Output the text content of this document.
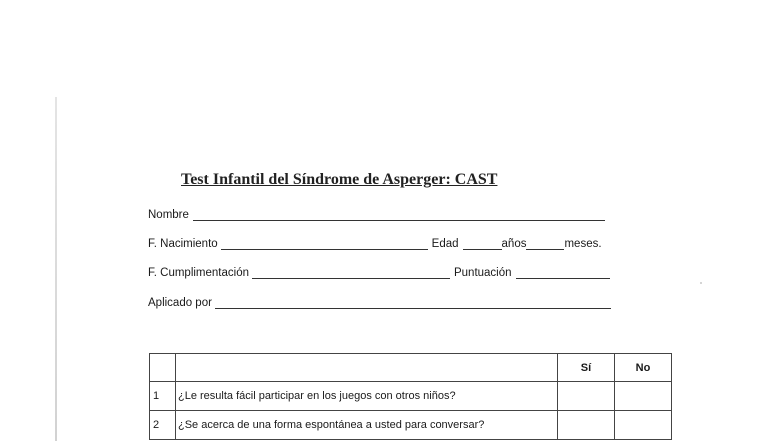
Test Infantil del Síndrome de Asperger: CAST
Nombre
F. Nacimiento	Edad	años	meses.
F. Cumplimentación	Puntuación
Aplicado por
		Sí	No
1	¿Le resulta fácil participar en los juegos con otros niños?		
2	¿Se acerca de una forma espontánea a usted para conversar?		
